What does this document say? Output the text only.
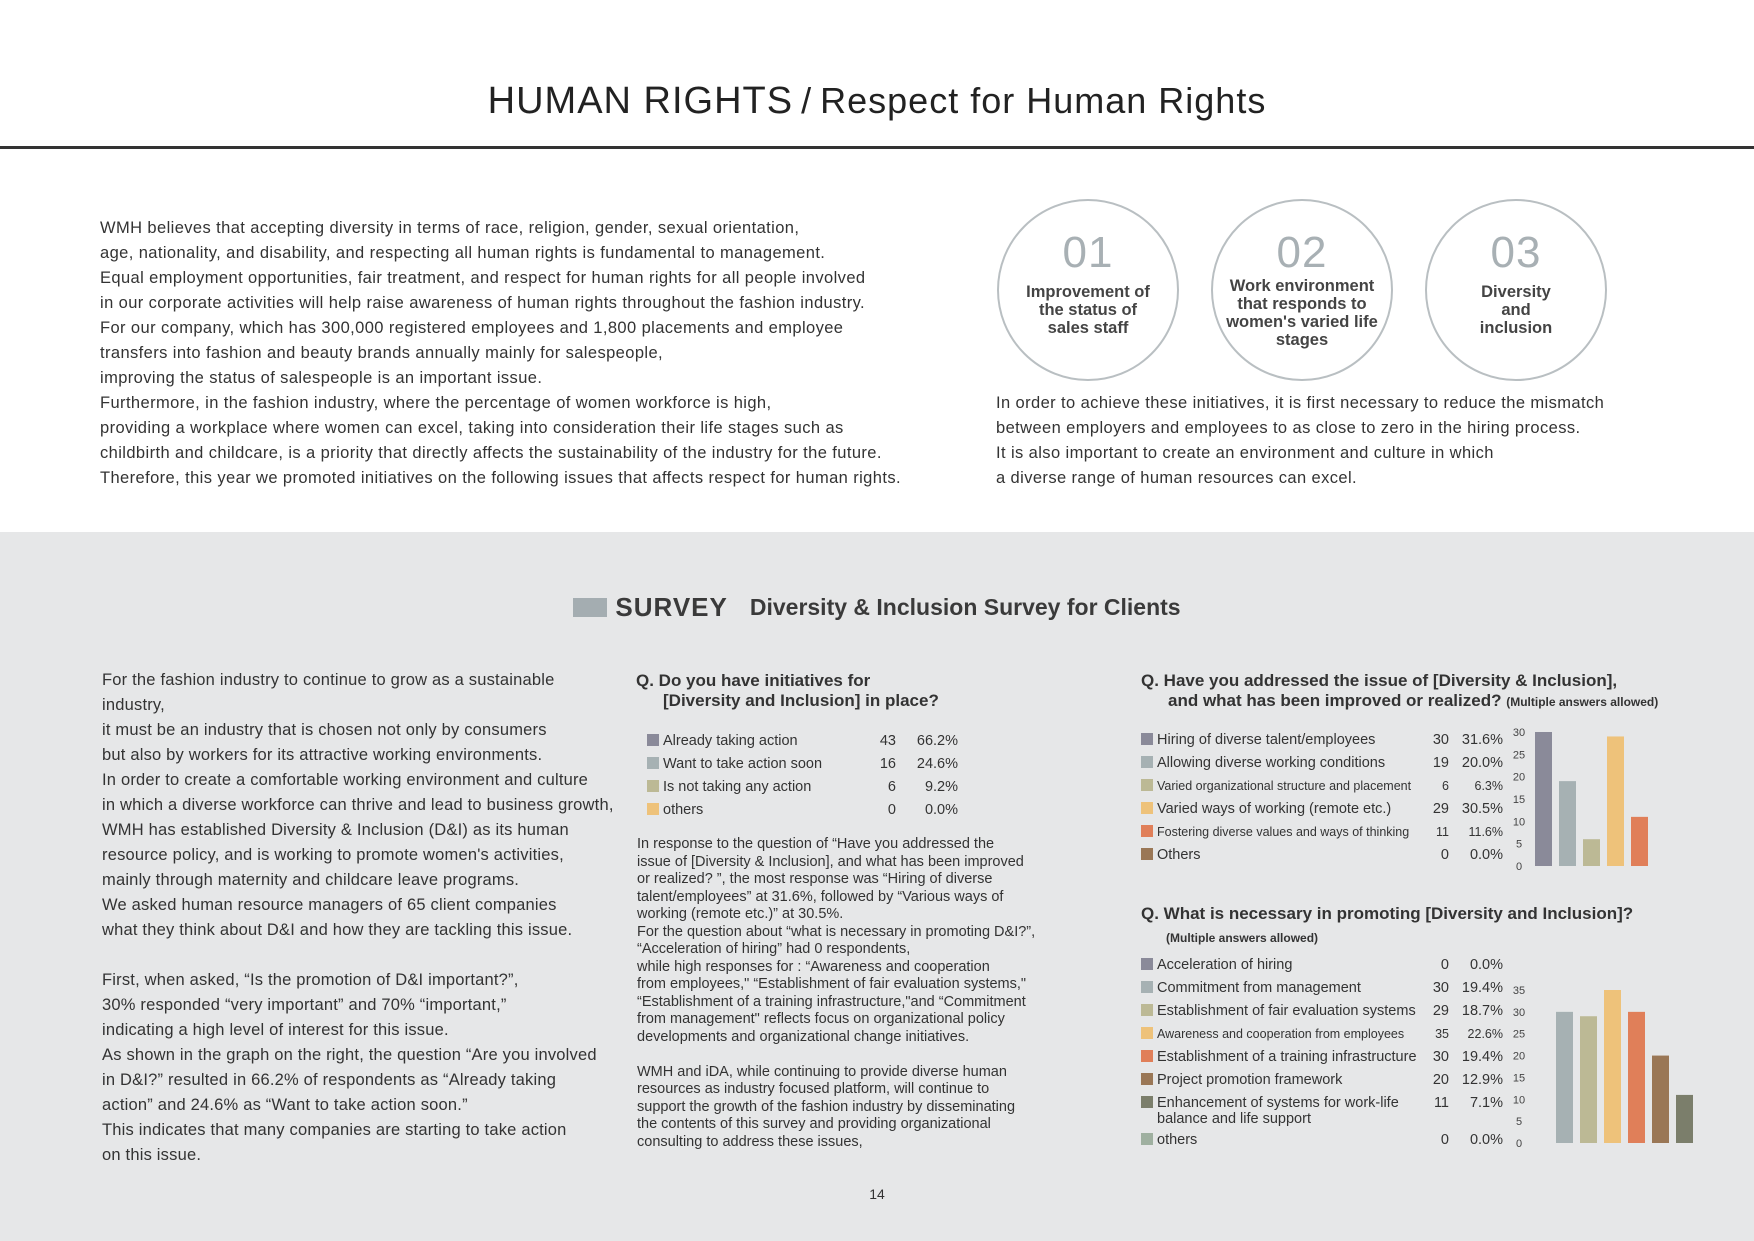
HUMAN RIGHTS / Respect for Human Rights
WMH believes that accepting diversity in terms of race, religion, gender, sexual orientation,
age, nationality, and disability, and respecting all human rights is fundamental to management.
Equal employment opportunities, fair treatment, and respect for human rights for all people involved
in our corporate activities will help raise awareness of human rights throughout the fashion industry.
For our company, which has 300,000 registered employees and 1,800 placements and employee
transfers into fashion and beauty brands annually mainly for salespeople,
improving the status of salespeople is an important issue.
Furthermore, in the fashion industry, where the percentage of women workforce is high,
providing a workplace where women can excel, taking into consideration their life stages such as
childbirth and childcare, is a priority that directly affects the sustainability of the industry for the future.
Therefore, this year we promoted initiatives on the following issues that affects respect for human rights.
01
Improvement of the status of sales staff
02
Work environment that responds to women's varied life stages
03
Diversity and inclusion
In order to achieve these initiatives, it is first necessary to reduce the mismatch
between employers and employees to as close to zero in the hiring process.
It is also important to create an environment and culture in which
a diverse range of human resources can excel.
SURVEY Diversity & Inclusion Survey for Clients
For the fashion industry to continue to grow as a sustainable industry,
it must be an industry that is chosen not only by consumers
but also by workers for its attractive working environments.
In order to create a comfortable working environment and culture
in which a diverse workforce can thrive and lead to business growth,
WMH has established Diversity & Inclusion (D&I) as its human
resource policy, and is working to promote women's activities,
mainly through maternity and childcare leave programs.
We asked human resource managers of 65 client companies
what they think about D&I and how they are tackling this issue.

First, when asked, “Is the promotion of D&I important?”,
30% responded “very important” and 70% “important,”
indicating a high level of interest for this issue.
As shown in the graph on the right, the question “Are you involved
in D&I?” resulted in 66.2% of respondents as “Already taking
action” and 24.6% as “Want to take action soon.”
This indicates that many companies are starting to take action
on this issue.
Q. Do you have initiatives for
[Diversity and Inclusion] in place?
Already taking action	43	66.2%
Want to take action soon	16	24.6%
Is not taking any action	6	9.2%
others	0	0.0%
In response to the question of “Have you addressed the
issue of [Diversity & Inclusion], and what has been improved
or realized? ”, the most response was “Hiring of diverse
talent/employees” at 31.6%, followed by “Various ways of
working (remote etc.)” at 30.5%.
For the question about “what is necessary in promoting D&I?”,
“Acceleration of hiring” had 0 respondents,
while high responses for : “Awareness and cooperation
from employees," “Establishment of fair evaluation systems,"
“Establishment of a training infrastructure,"and “Commitment
from management" reflects focus on organizational policy
developments and organizational change initiatives.

WMH and iDA, while continuing to provide diverse human
resources as industry focused platform, will continue to
support the growth of the fashion industry by disseminating
the contents of this survey and providing organizational
consulting to address these issues,
Q. Have you addressed the issue of [Diversity & Inclusion],
and what has been improved or realized? (Multiple answers allowed)
Hiring of diverse talent/employees	30 31.6%
Allowing diverse working conditions	19 20.0%
Varied organizational structure and placement	6	6.3%
Varied ways of working (remote etc.)	29 30.5%
Fostering diverse values and ways of thinking	11	11.6%
Others	0	0.0%
0
5
10
15
20
25
30
Q. What is necessary in promoting [Diversity and Inclusion]?
(Multiple answers allowed)
Acceleration of hiring	0	0.0%
Commitment from management	30 19.4%
Establishment of fair evaluation systems	29 18.7%
Awareness and cooperation from employees	35	22.6%
Establishment of a training infrastructure	30 19.4%
Project promotion framework	20 12.9%
Enhancement of systems for work-life
balance and life support
11	7.1%
others	0	0.0% 0
5
10
15
20
25
30
35
14
